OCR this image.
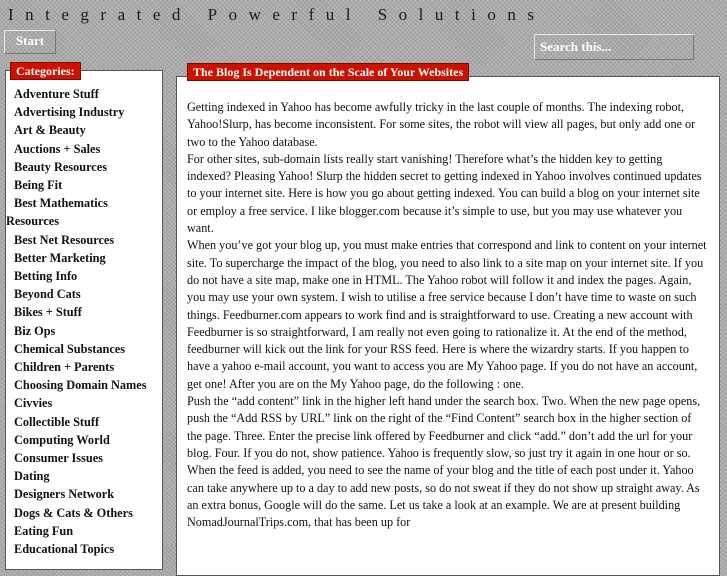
Integrated Powerful Solutions
Start
Search this...
Adventure Stuff
Advertising Industry
Art & Beauty
Auctions + Sales
Beauty Resources
Being Fit
Best Mathematics Resources
Best Net Resources
Better Marketing
Betting Info
Beyond Cats
Bikes + Stuff
Biz Ops
Chemical Substances
Children + Parents
Choosing Domain Names
Civvies
Collectible Stuff
Computing World
Consumer Issues
Dating
Designers Network
Dogs & Cats & Others
Eating Fun
Educational Topics
Categories:

Getting indexed in Yahoo has become awfully tricky in the last couple of months. The indexing robot, Yahoo!Slurp, has become inconsistent. For some sites, the robot will view all pages, but only add one or two to the Yahoo database.

For other sites, sub-domain lists really start vanishing! Therefore what’s the hidden key to getting indexed? Pleasing Yahoo! Slurp the hidden secret to getting indexed in Yahoo involves continued updates to your internet site. Here is how you go about getting indexed. You can build a blog on your internet site or employ a free service. I like blogger.com because it’s simple to use, but you may use whatever you want.

When you’ve got your blog up, you must make entries that correspond and link to content on your internet site. To supercharge the impact of the blog, you need to also link to a site map on your internet site. If you do not have a site map, make one in HTML. The Yahoo robot will follow it and index the pages. Again, you may use your own system. I wish to utilise a free service because I don’t have time to waste on such things. Feedburner.com appears to work find and is straightforward to use. Creating a new account with Feedburner is so straightforward, I am really not even going to rationalize it. At the end of the method, feedburner will kick out the link for your RSS feed. Here is where the wizardry starts. If you happen to have a yahoo e-mail account, you want to access you are My Yahoo page. If you do not have an account, get one! After you are on the My Yahoo page, do the following : one.

Push the “add content” link in the higher left hand under the search box. Two. When the new page opens, push the “Add RSS by URL” link on the right of the “Find Content” search box in the higher section of the page. Three. Enter the precise link offered by Feedburner and click “add.” don’t add the url for your blog. Four. If you do not, show patience. Yahoo is frequently slow, so just try it again in one hour or so. When the feed is added, you need to see the name of your blog and the title of each post under it. Yahoo can take anywhere up to a day to add new posts, so do not sweat if they do not show up straight away. As an extra bonus, Google will do the same. Let us take a look at an example. We are at present building NomadJournalTrips.com, that has been up for

The Blog Is Dependent on the Scale of Your Websites
